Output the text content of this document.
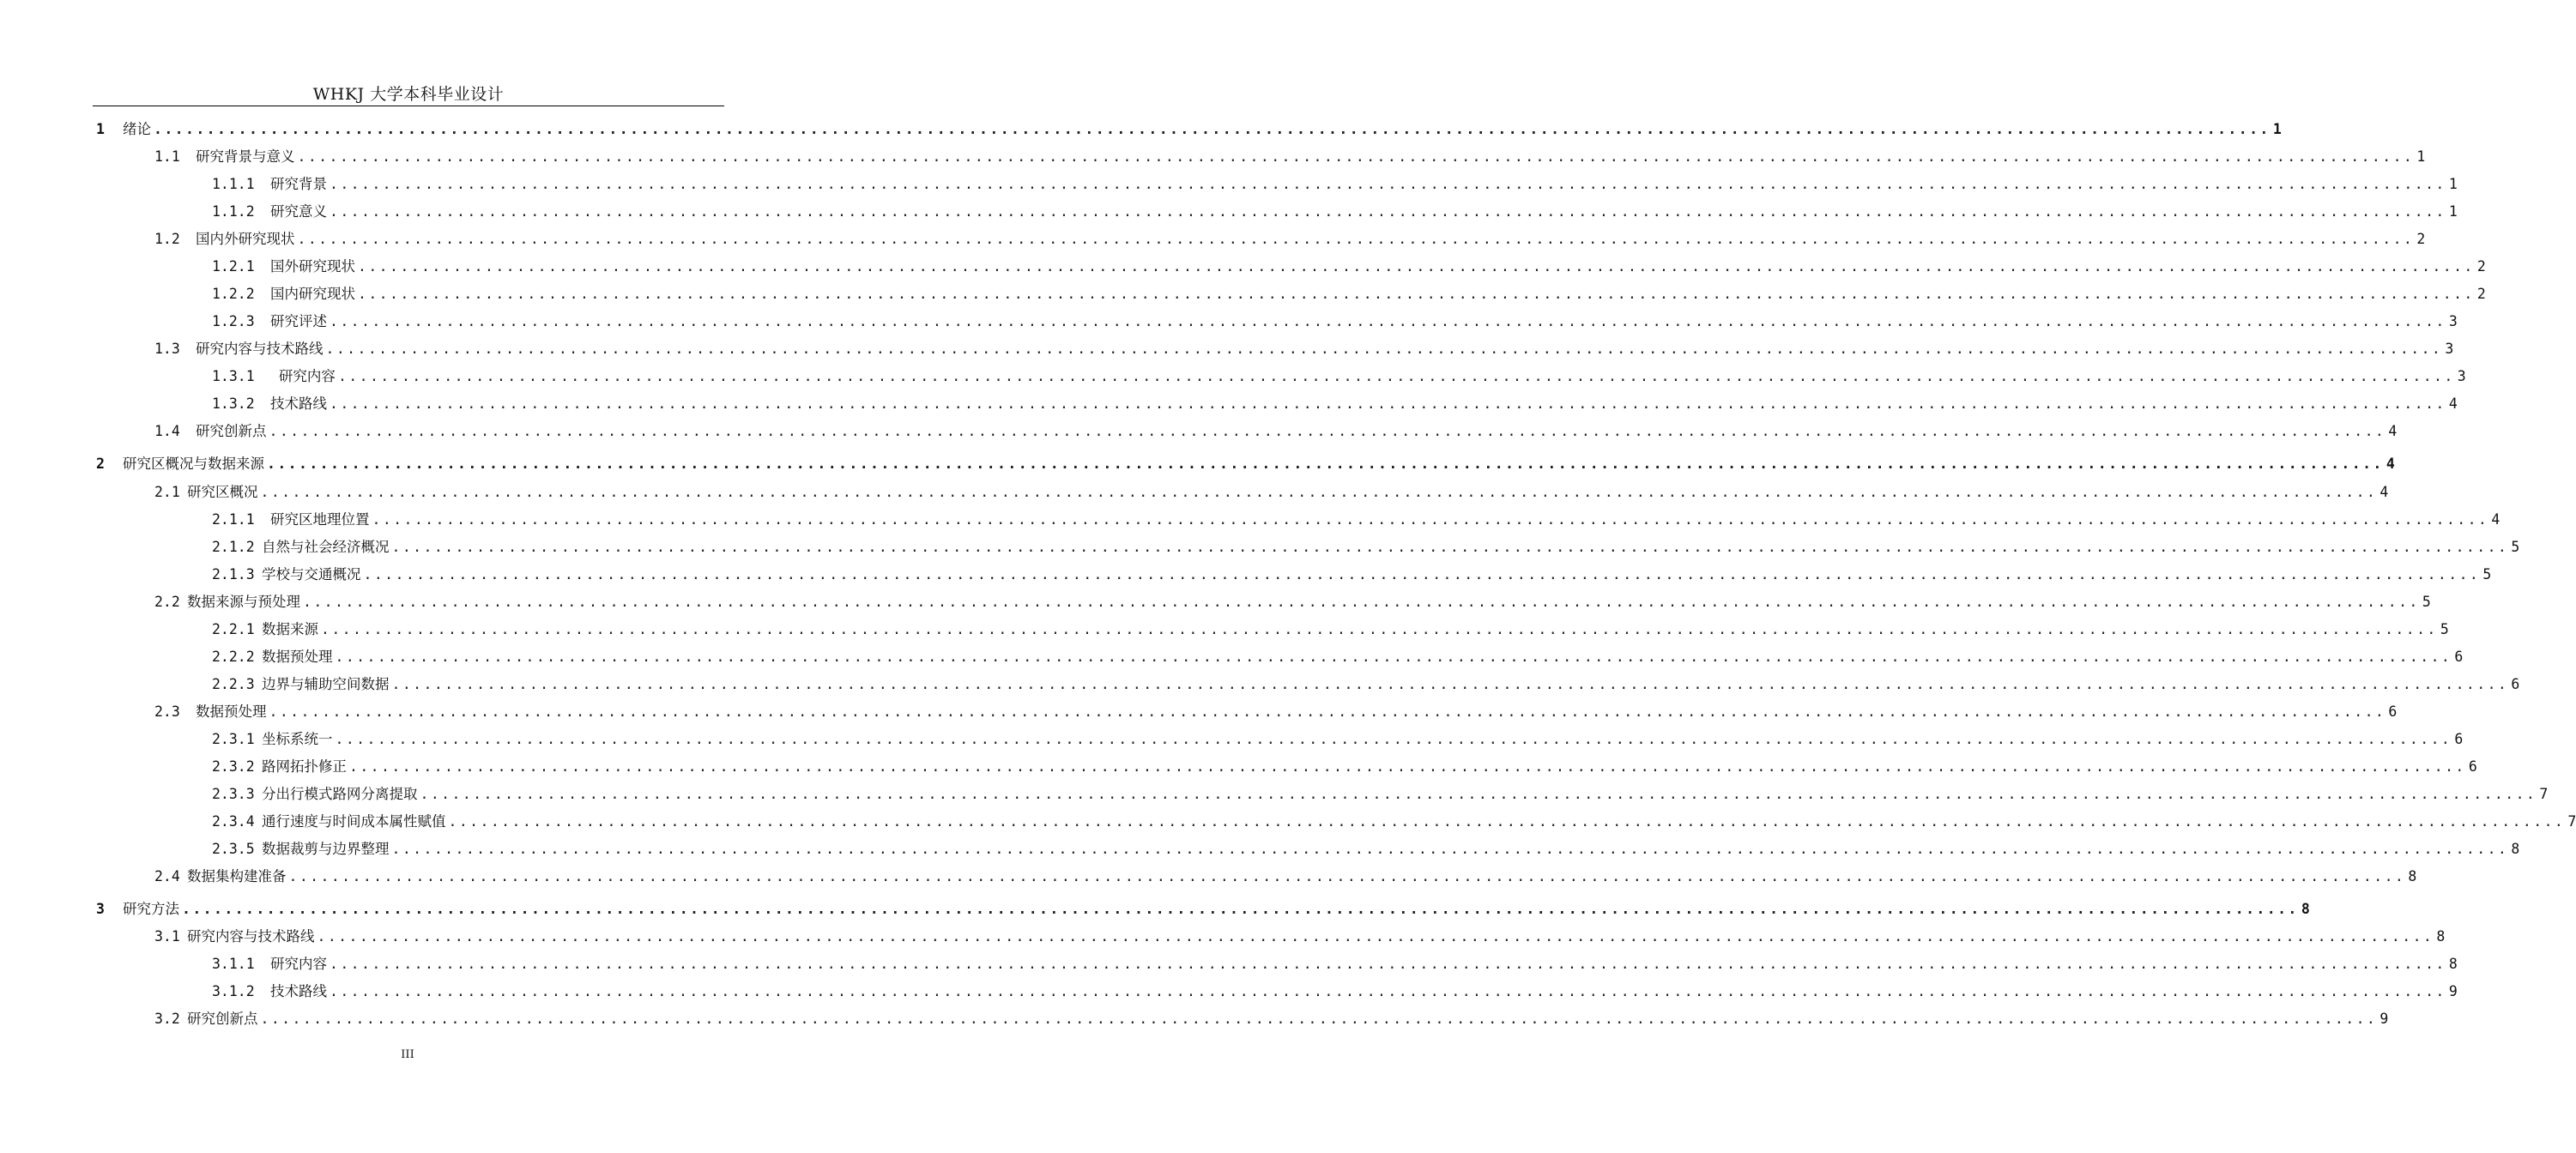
WHKJ 大学本科毕业设计
1 绪论 ........................................................................................................................................................................................................ 1
1.1 研究背景与意义 ........................................................................................................................................................................................................ 1
1.1.1 研究背景 ........................................................................................................................................................................................................ 1
1.1.2 研究意义 ........................................................................................................................................................................................................ 1
1.2 国内外研究现状 ........................................................................................................................................................................................................ 2
1.2.1 国外研究现状 ........................................................................................................................................................................................................ 2
1.2.2 国内研究现状 ........................................................................................................................................................................................................ 2
1.2.3 研究评述 ........................................................................................................................................................................................................ 3
1.3 研究内容与技术路线 ........................................................................................................................................................................................................ 3
1.3.1 研究内容 ........................................................................................................................................................................................................ 3
1.3.2 技术路线 ........................................................................................................................................................................................................ 4
1.4 研究创新点 ........................................................................................................................................................................................................ 4
2 研究区概况与数据来源 ........................................................................................................................................................................................................ 4
2.1 研究区概况 ........................................................................................................................................................................................................ 4
2.1.1 研究区地理位置 ........................................................................................................................................................................................................ 4
2.1.2 自然与社会经济概况 ........................................................................................................................................................................................................ 5
2.1.3 学校与交通概况 ........................................................................................................................................................................................................ 5
2.2 数据来源与预处理 ........................................................................................................................................................................................................ 5
2.2.1 数据来源 ........................................................................................................................................................................................................ 5
2.2.2 数据预处理 ........................................................................................................................................................................................................ 6
2.2.3 边界与辅助空间数据 ........................................................................................................................................................................................................ 6
2.3 数据预处理 ........................................................................................................................................................................................................ 6
2.3.1 坐标系统一 ........................................................................................................................................................................................................ 6
2.3.2 路网拓扑修正 ........................................................................................................................................................................................................ 6
2.3.3 分出行模式路网分离提取 ........................................................................................................................................................................................................ 7
2.3.4 通行速度与时间成本属性赋值 ........................................................................................................................................................................................................ 7
2.3.5 数据裁剪与边界整理 ........................................................................................................................................................................................................ 8
2.4 数据集构建准备 ........................................................................................................................................................................................................ 8
3 研究方法 ........................................................................................................................................................................................................ 8
3.1 研究内容与技术路线 ........................................................................................................................................................................................................ 8
3.1.1 研究内容 ........................................................................................................................................................................................................ 8
3.1.2 技术路线 ........................................................................................................................................................................................................ 9
3.2 研究创新点 ........................................................................................................................................................................................................ 9
III
